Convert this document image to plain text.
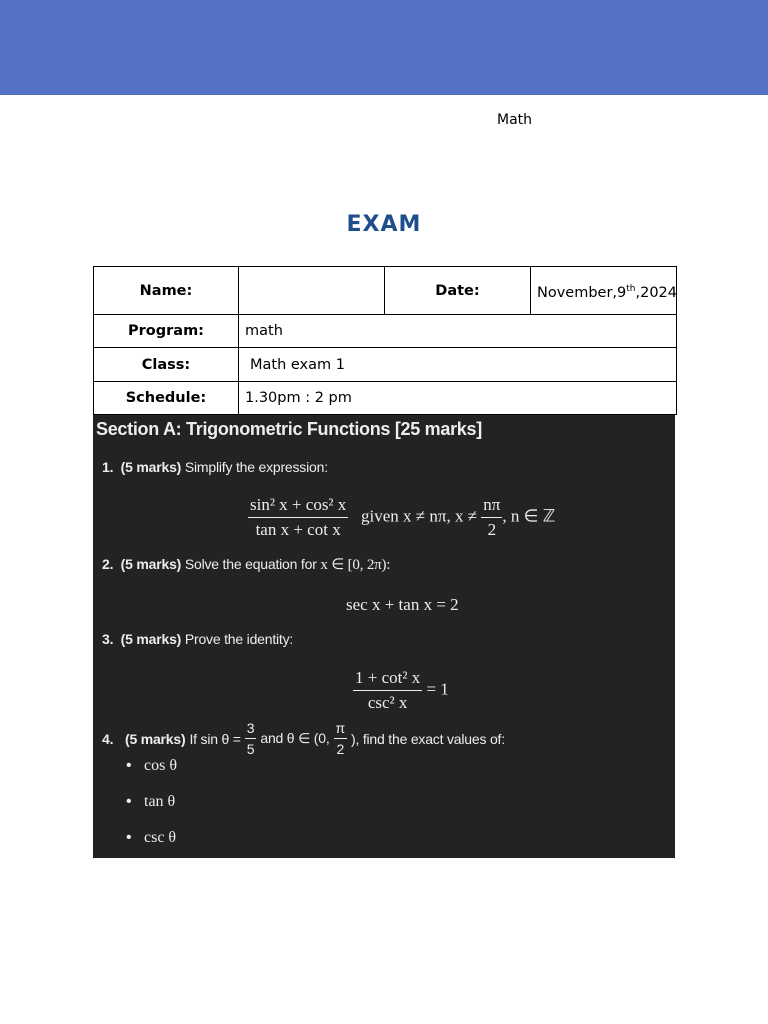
Math
EXAM
Name:		Date:	November,9th,2024
Program:	math		
Class:	Math exam 1		
Schedule:	1.30pm : 2 pm		
Section A: Trigonometric Functions [25 marks]
1. (5 marks) Simplify the expression:
$\frac{\text{sin² x + cos² x}}{\text{tan x + cot x}}$ given x ≠ nπ, $x \ne \frac{n\pi}{2}$ , n ∈ ℤ
2. (5 marks) Solve the equation for x ∈ [0, 2π):
sec x + tan x = 2
3. (5 marks) Prove the identity:
$\frac{\text{1 + cot² x}}{\text{csc² x}} = 1$
4.
(5 marks) If $\sin \theta = \frac{3}{5}$ and θ ∈ (0, $\frac{\pi}{2}$ ), find the exact values of:
• cos θ
• tan θ
• csc θ
